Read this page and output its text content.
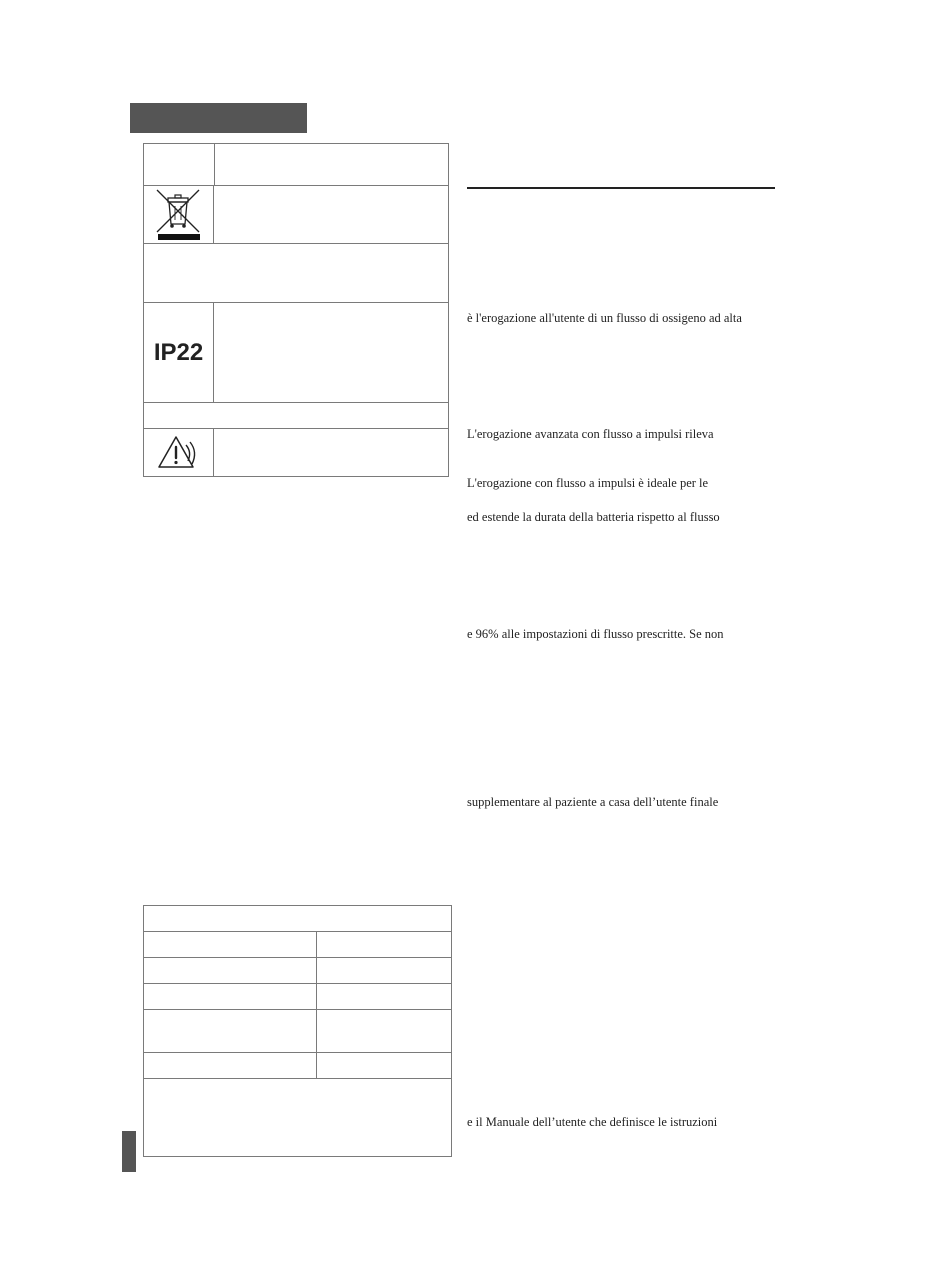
IP22
è l'erogazione all'utente di un flusso di ossigeno ad alta
L'erogazione avanzata con flusso a impulsi rileva
L'erogazione con flusso a impulsi è ideale per le
ed estende la durata della batteria rispetto al flusso
e 96% alle impostazioni di flusso prescritte. Se non
supplementare al paziente a casa dell’utente finale
e il Manuale dell’utente che definisce le istruzioni
